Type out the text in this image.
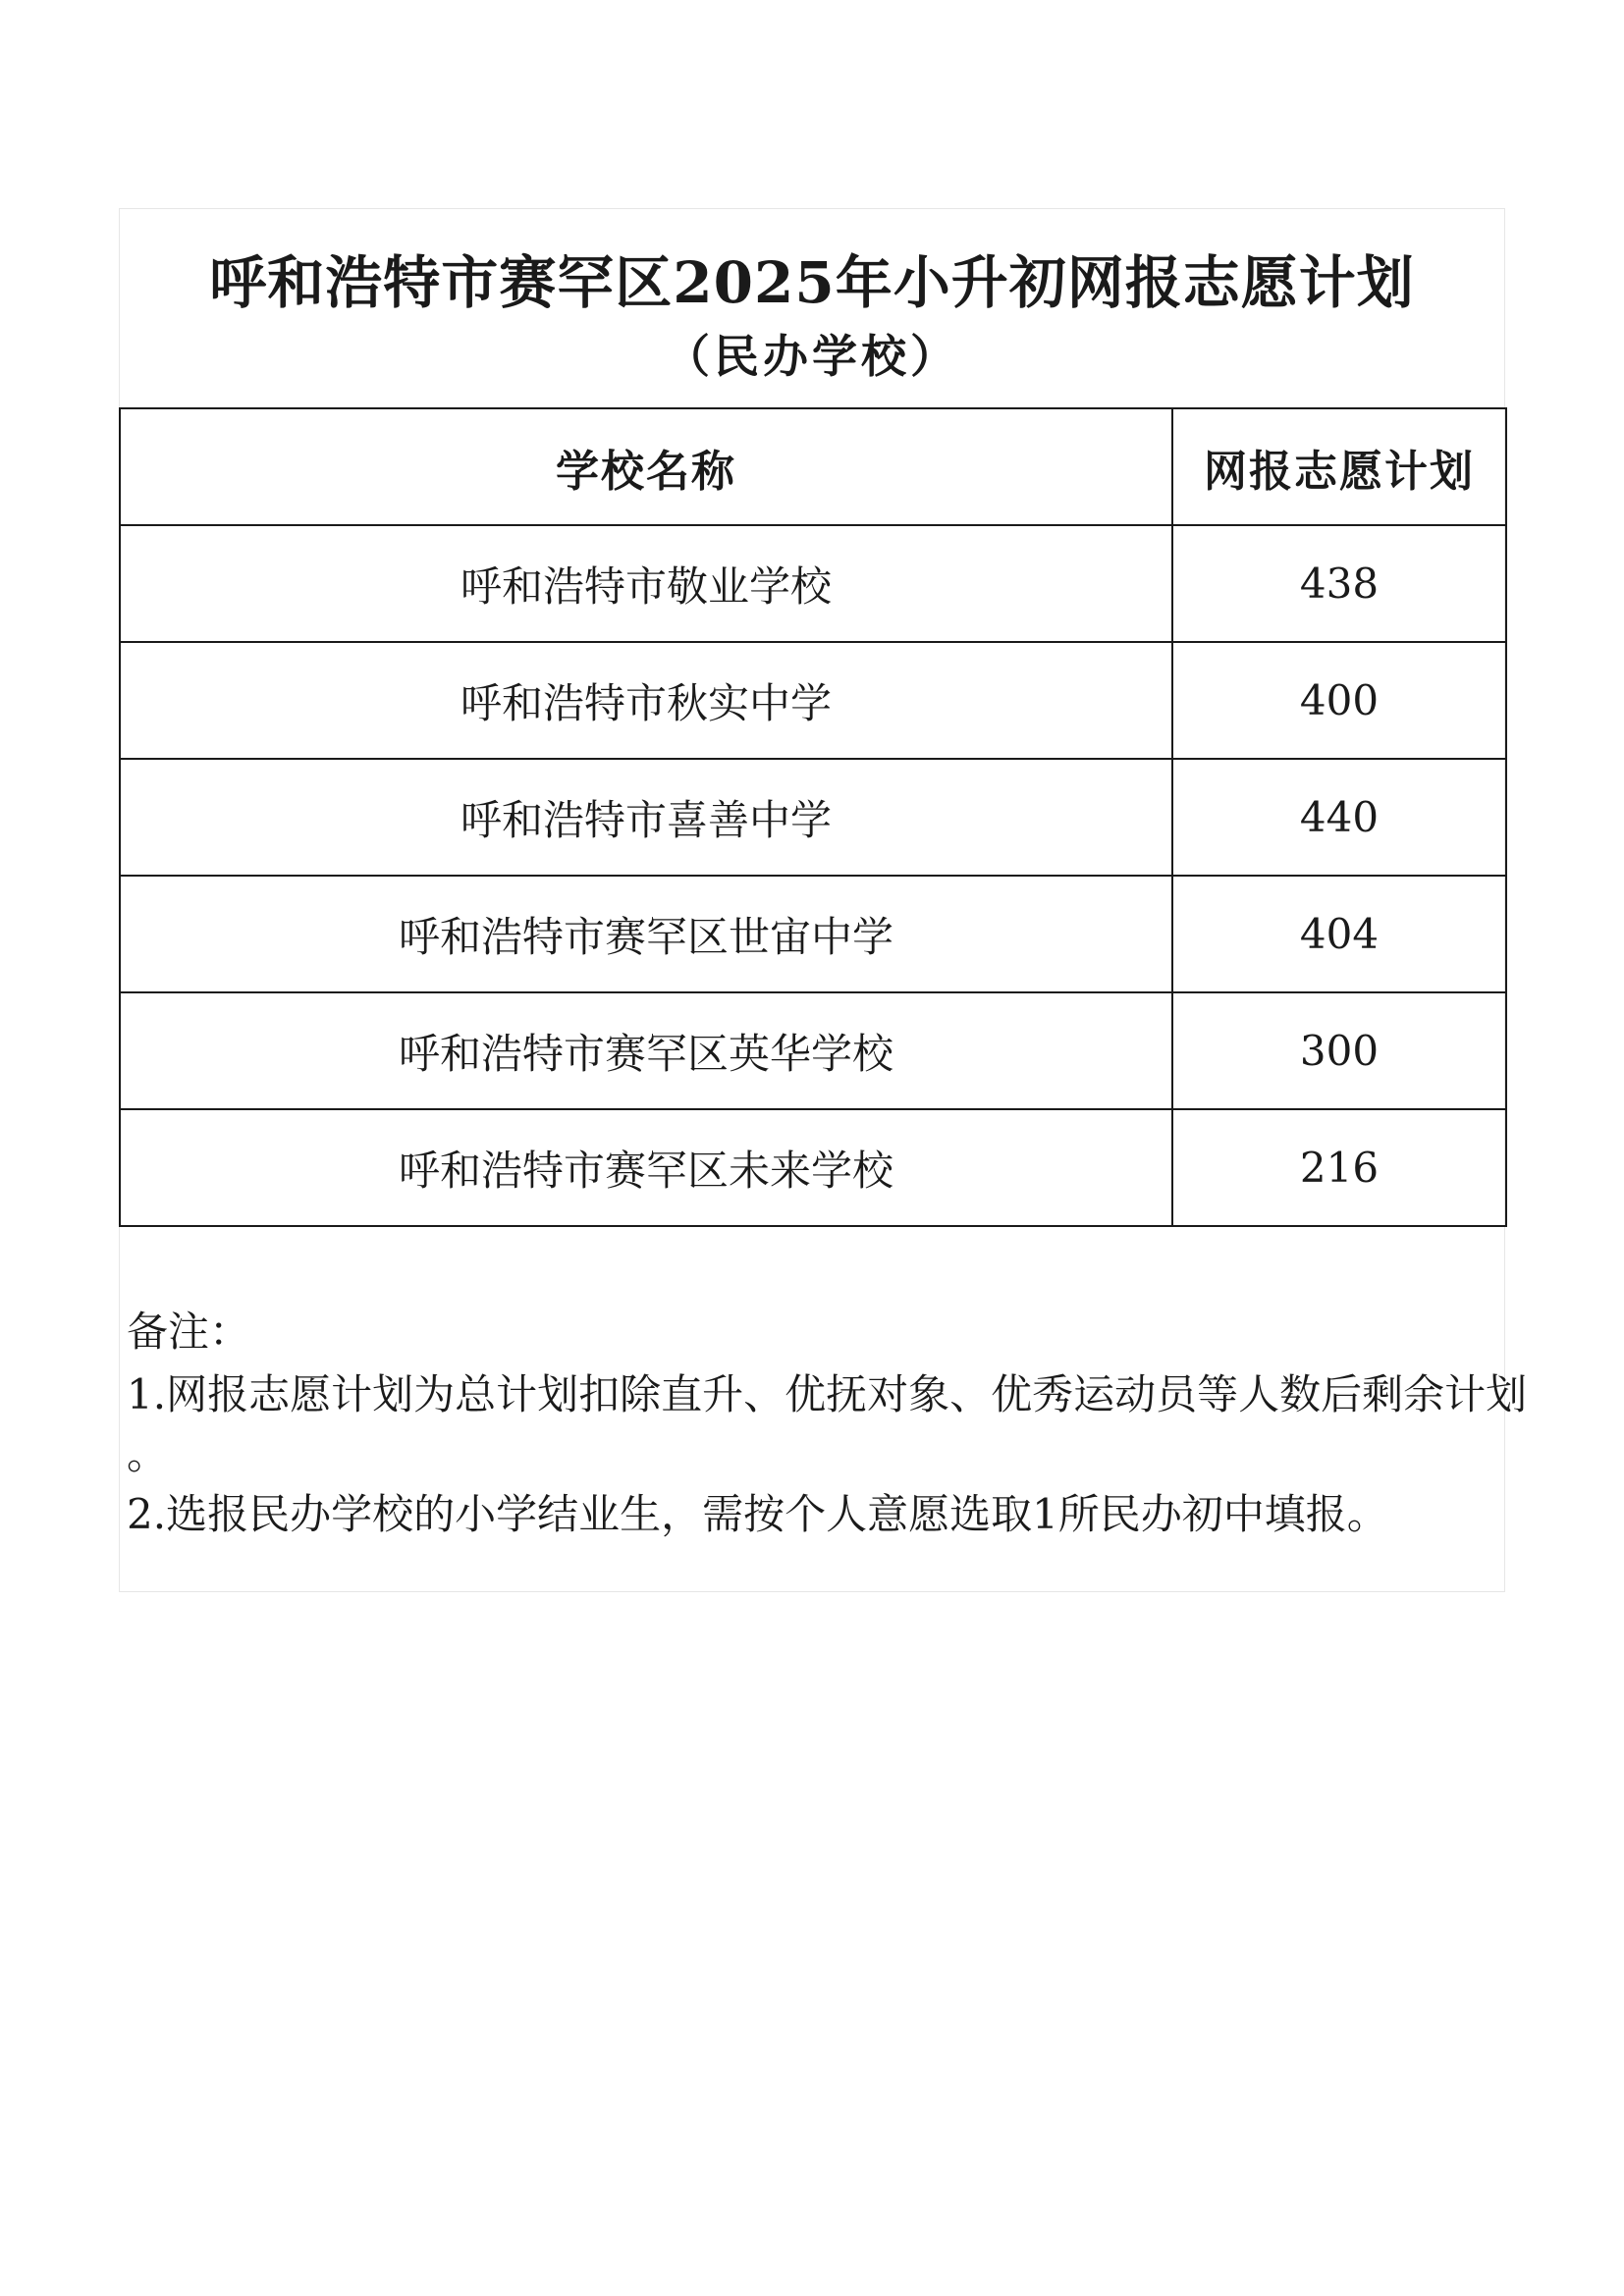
呼和浩特市赛罕区2025年小升初网报志愿计划
（民办学校）
学校名称	网报志愿计划
呼和浩特市敬业学校	438
呼和浩特市秋实中学	400
呼和浩特市喜善中学	440
呼和浩特市赛罕区世宙中学	404
呼和浩特市赛罕区英华学校	300
呼和浩特市赛罕区未来学校	216

备注：

1.网报志愿计划为总计划扣除直升、优抚对象、优秀运动员等人数后剩余计划

。

2.选报民办学校的小学结业生，需按个人意愿选取1所民办初中填报。
